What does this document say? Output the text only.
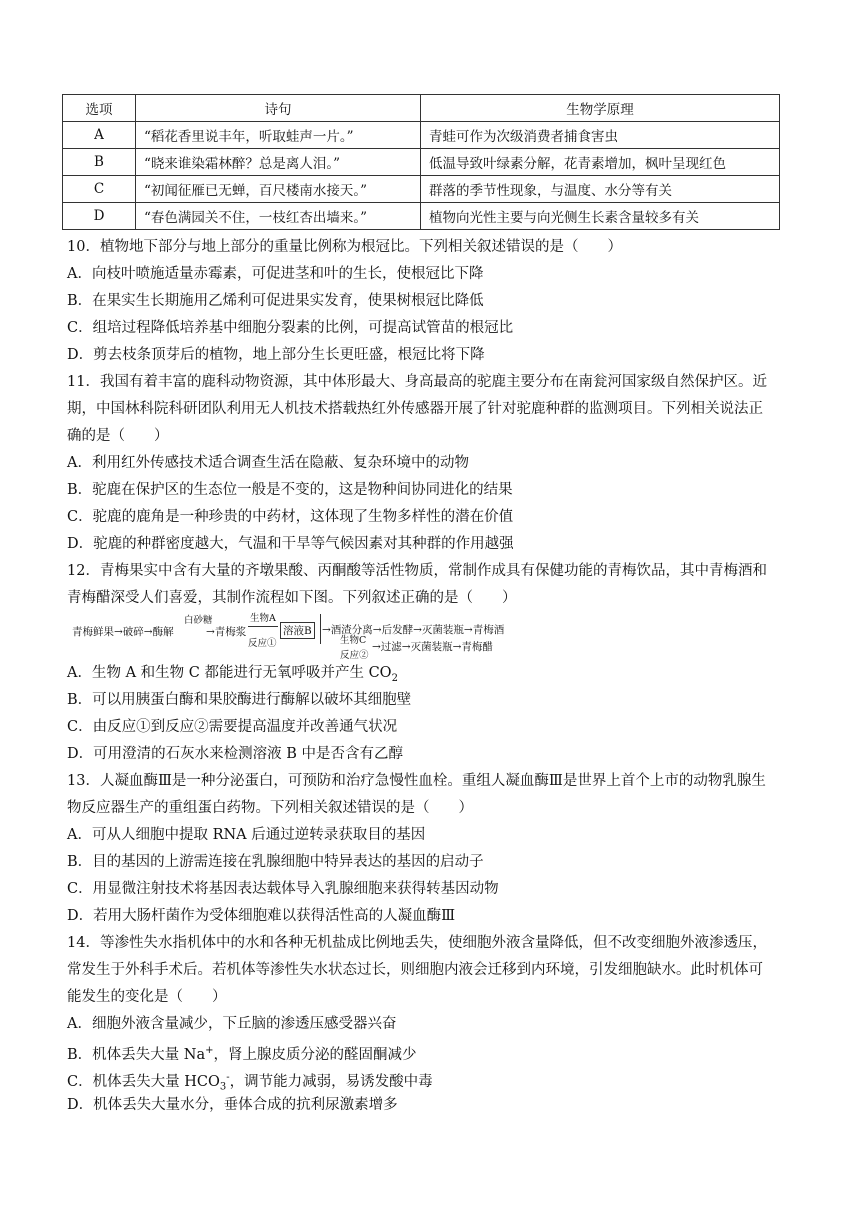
选项	诗句	生物学原理
A	“稻花香里说丰年，听取蛙声一片。”	青蛙可作为次级消费者捕食害虫
B	“晓来谁染霜林醉？总是离人泪。”	低温导致叶绿素分解，花青素增加，枫叶呈现红色
C	“初闻征雁已无蝉，百尺楼南水接天。”	群落的季节性现象，与温度、水分等有关
D	“春色满园关不住，一枝红杏出墙来。”	植物向光性主要与向光侧生长素含量较多有关
10．植物地下部分与地上部分的重量比例称为根冠比。下列相关叙述错误的是（　　）
A．向枝叶喷施适量赤霉素，可促进茎和叶的生长，使根冠比下降
B．在果实生长期施用乙烯利可促进果实发育，使果树根冠比降低
C．组培过程降低培养基中细胞分裂素的比例，可提高试管苗的根冠比
D．剪去枝条顶芽后的植物，地上部分生长更旺盛，根冠比将下降
11．我国有着丰富的鹿科动物资源，其中体形最大、身高最高的驼鹿主要分布在南瓮河国家级自然保护区。近
期，中国林科院科研团队利用无人机技术搭载热红外传感器开展了针对驼鹿种群的监测项目。下列相关说法正
确的是（　　）
A．利用红外传感技术适合调查生活在隐蔽、复杂环境中的动物
B．驼鹿在保护区的生态位一般是不变的，这是物种间协同进化的结果
C．驼鹿的鹿角是一种珍贵的中药材，这体现了生物多样性的潜在价值
D．驼鹿的种群密度越大，气温和干旱等气候因素对其种群的作用越强
12．青梅果实中含有大量的齐墩果酸、丙酮酸等活性物质，常制作成具有保健功能的青梅饮品，其中青梅酒和
青梅醋深受人们喜爱，其制作流程如下图。下列叙述正确的是（　　）
青梅鲜果→破碎→酶解
白砂糖
→青梅浆
生物A
反应①
溶液B →酒渣分离→后发酵→灭菌装瓶→青梅酒
生物C
反应②
→过滤→灭菌装瓶→青梅醋
A．生物 A 和生物 C 都能进行无氧呼吸并产生 $CO_2$
B．可以用胰蛋白酶和果胶酶进行酶解以破坏其细胞壁
C．由反应①到反应②需要提高温度并改善通气状况
D．可用澄清的石灰水来检测溶液 B 中是否含有乙醇
13．人凝血酶Ⅲ是一种分泌蛋白，可预防和治疗急慢性血栓。重组人凝血酶Ⅲ是世界上首个上市的动物乳腺生
物反应器生产的重组蛋白药物。下列相关叙述错误的是（　　）
A．可从人细胞中提取 RNA 后通过逆转录获取目的基因
B．目的基因的上游需连接在乳腺细胞中特异表达的基因的启动子
C．用显微注射技术将基因表达载体导入乳腺细胞来获得转基因动物
D．若用大肠杆菌作为受体细胞难以获得活性高的人凝血酶Ⅲ
14．等渗性失水指机体中的水和各种无机盐成比例地丢失，使细胞外液含量降低，但不改变细胞外液渗透压，
常发生于外科手术后。若机体等渗性失水状态过长，则细胞内液会迁移到内环境，引发细胞缺水。此时机体可
能发生的变化是（　　）
A．细胞外液含量减少，下丘脑的渗透压感受器兴奋
B．机体丢失大量 Na+，肾上腺皮质分泌的醛固酮减少
C．机体丢失大量 $HCO_3^-$，调节能力减弱，易诱发酸中毒
D．机体丢失大量水分，垂体合成的抗利尿激素增多
